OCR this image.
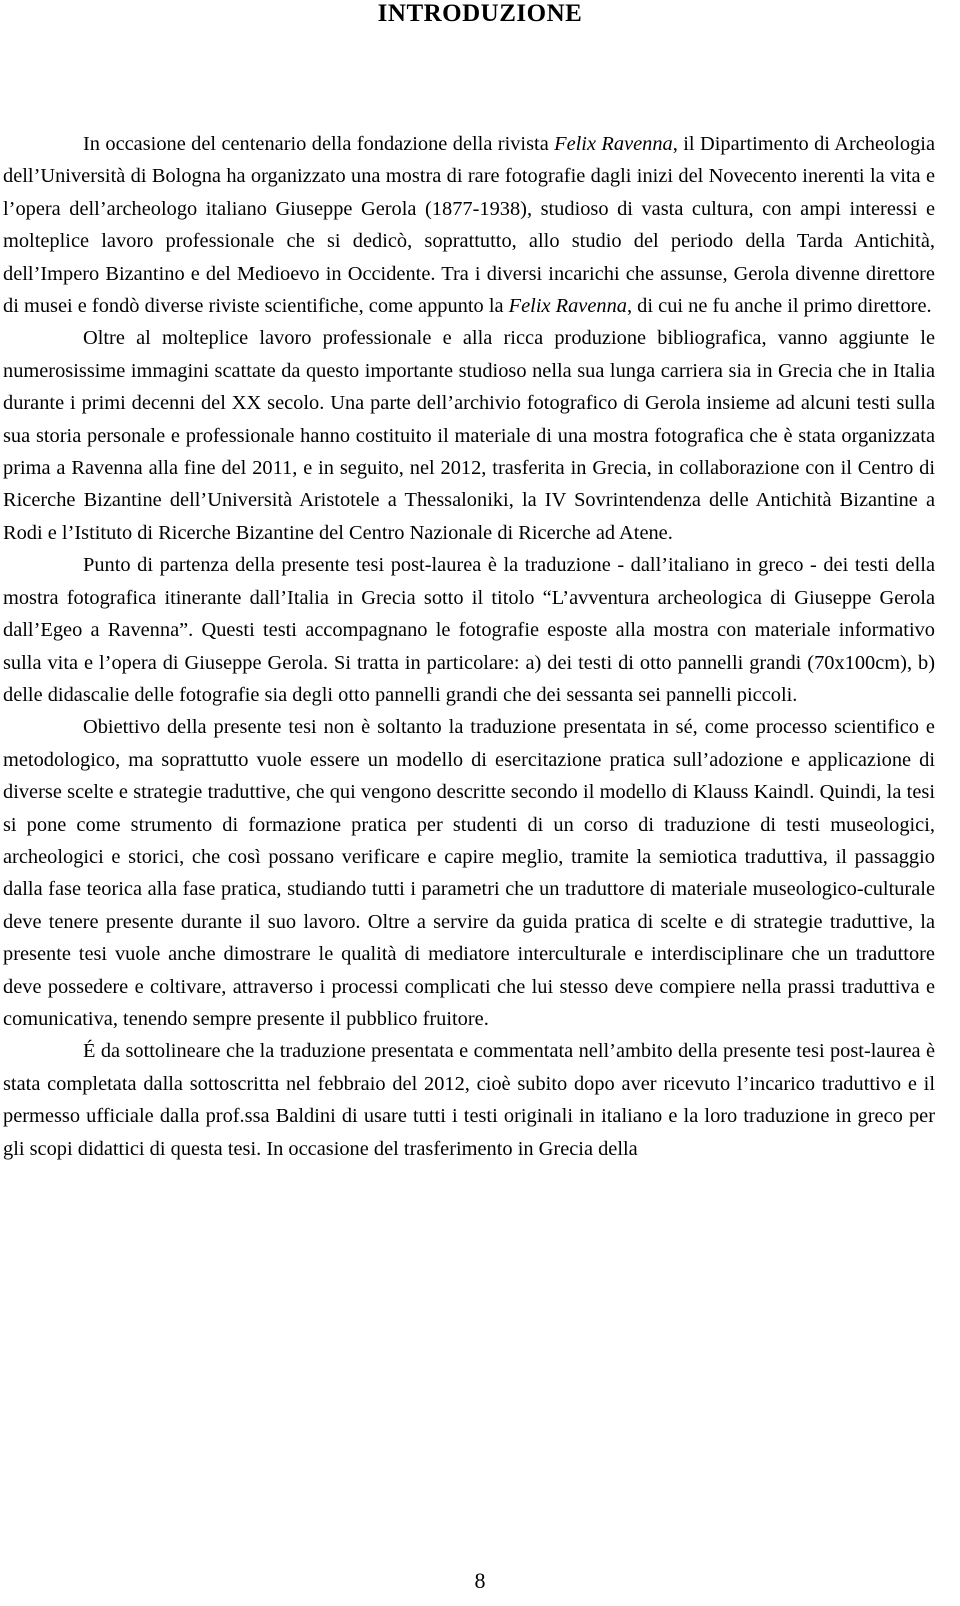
INTRODUZIONE

In occasione del centenario della fondazione della rivista Felix Ravenna, il Dipartimento di Archeologia dell’Università di Bologna ha organizzato una mostra di rare fotografie dagli inizi del Novecento inerenti la vita e l’opera dell’archeologo italiano Giuseppe Gerola (1877-1938), studioso di vasta cultura, con ampi interessi e molteplice lavoro professionale che si dedicò, soprattutto, allo studio del periodo della Tarda Antichità, dell’Impero Bizantino e del Medioevo in Occidente. Tra i diversi incarichi che assunse, Gerola divenne direttore di musei e fondò diverse riviste scientifiche, come appunto la Felix Ravenna, di cui ne fu anche il primo direttore.

Oltre al molteplice lavoro professionale e alla ricca produzione bibliografica, vanno aggiunte le numerosissime immagini scattate da questo importante studioso nella sua lunga carriera sia in Grecia che in Italia durante i primi decenni del XX secolo. Una parte dell’archivio fotografico di Gerola insieme ad alcuni testi sulla sua storia personale e professionale hanno costituito il materiale di una mostra fotografica che è stata organizzata prima a Ravenna alla fine del 2011, e in seguito, nel 2012, trasferita in Grecia, in collaborazione con il Centro di Ricerche Bizantine dell’Università Aristotele a Thessaloniki, la IV Sovrintendenza delle Antichità Bizantine a Rodi e l’Istituto di Ricerche Bizantine del Centro Nazionale di Ricerche ad Atene.

Punto di partenza della presente tesi post-laurea è la traduzione - dall’italiano in greco - dei testi della mostra fotografica itinerante dall’Italia in Grecia sotto il titolo “L’avventura archeologica di Giuseppe Gerola dall’Egeo a Ravenna”. Questi testi accompagnano le fotografie esposte alla mostra con materiale informativo sulla vita e l’opera di Giuseppe Gerola. Si tratta in particolare: a) dei testi di otto pannelli grandi (70x100cm), b) delle didascalie delle fotografie sia degli otto pannelli grandi che dei sessanta sei pannelli piccoli.

Obiettivo della presente tesi non è soltanto la traduzione presentata in sé, come processo scientifico e metodologico, ma soprattutto vuole essere un modello di esercitazione pratica sull’adozione e applicazione di diverse scelte e strategie traduttive, che qui vengono descritte secondo il modello di Klauss Kaindl. Quindi, la tesi si pone come strumento di formazione pratica per studenti di un corso di traduzione di testi museologici, archeologici e storici, che così possano verificare e capire meglio, tramite la semiotica traduttiva, il passaggio dalla fase teorica alla fase pratica, studiando tutti i parametri che un traduttore di materiale museologico-culturale deve tenere presente durante il suo lavoro. Oltre a servire da guida pratica di scelte e di strategie traduttive, la presente tesi vuole anche dimostrare le qualità di mediatore interculturale e interdisciplinare che un traduttore deve possedere e coltivare, attraverso i processi complicati che lui stesso deve compiere nella prassi traduttiva e comunicativa, tenendo sempre presente il pubblico fruitore.

É da sottolineare che la traduzione presentata e commentata nell’ambito della presente tesi post-laurea è stata completata dalla sottoscritta nel febbraio del 2012, cioè subito dopo aver ricevuto l’incarico traduttivo e il permesso ufficiale dalla prof.ssa Baldini di usare tutti i testi originali in italiano e la loro traduzione in greco per gli scopi didattici di questa tesi. In occasione del trasferimento in Grecia della

8
